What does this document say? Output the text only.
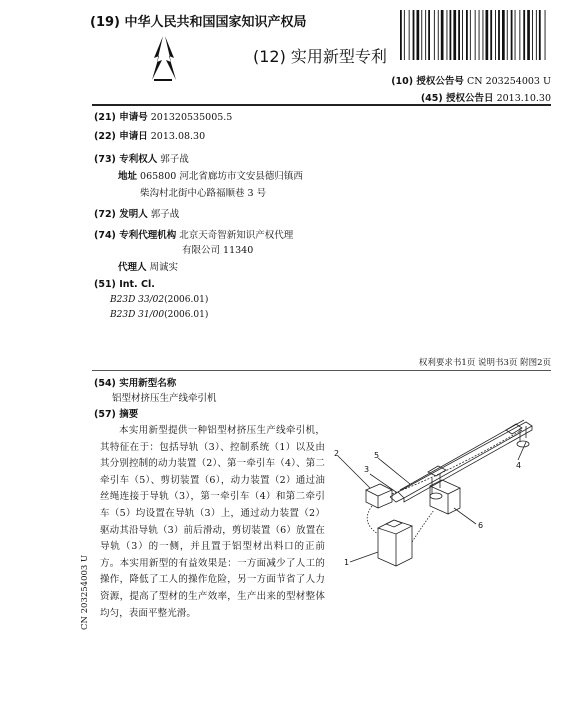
(19) 中华人民共和国国家知识产权局
(12) 实用新型专利
(10) 授权公告号 CN 203254003 U
(45) 授权公告日 2013.10.30
(21) 申请号 201320535005.5
(22) 申请日 2013.08.30
(73) 专利权人 郭子战
地址 065800 河北省廊坊市文安县德归镇西
柴沟村北街中心路福顺巷 3 号
(72) 发明人 郭子战
(74) 专利代理机构 北京天奇智新知识产权代理
有限公司 11340
代理人 周诚实
(51) Int. Cl.
B23D 33/02(2006.01)
B23D 31/00(2006.01)
权利要求书1页 说明书3页 附图2页
(54) 实用新型名称
铝型材挤压生产线牵引机
(57) 摘要
本实用新型提供一种铝型材挤压生产线牵引机，其特征在于：包括导轨（3）、控制系统（1）以及由其分别控制的动力装置（2）、第一牵引车（4）、第二牵引车（5）、剪切装置（6），动力装置（2）通过油丝绳连接于导轨（3），第一牵引车（4）和第二牵引车（5）均设置在导轨（3）上，通过动力装置（2）驱动其沿导轨（3）前后滑动，剪切装置（6）放置在导轨（3）的一侧，并且置于铝型材出料口的正前方。本实用新型的有益效果是：一方面减少了人工的操作，降低了工人的操作危险，另一方面节省了人力资源，提高了型材的生产效率，生产出来的型材整体均匀，表面平整光滑。
1
2
3	4
5
6
CN 203254003 U
